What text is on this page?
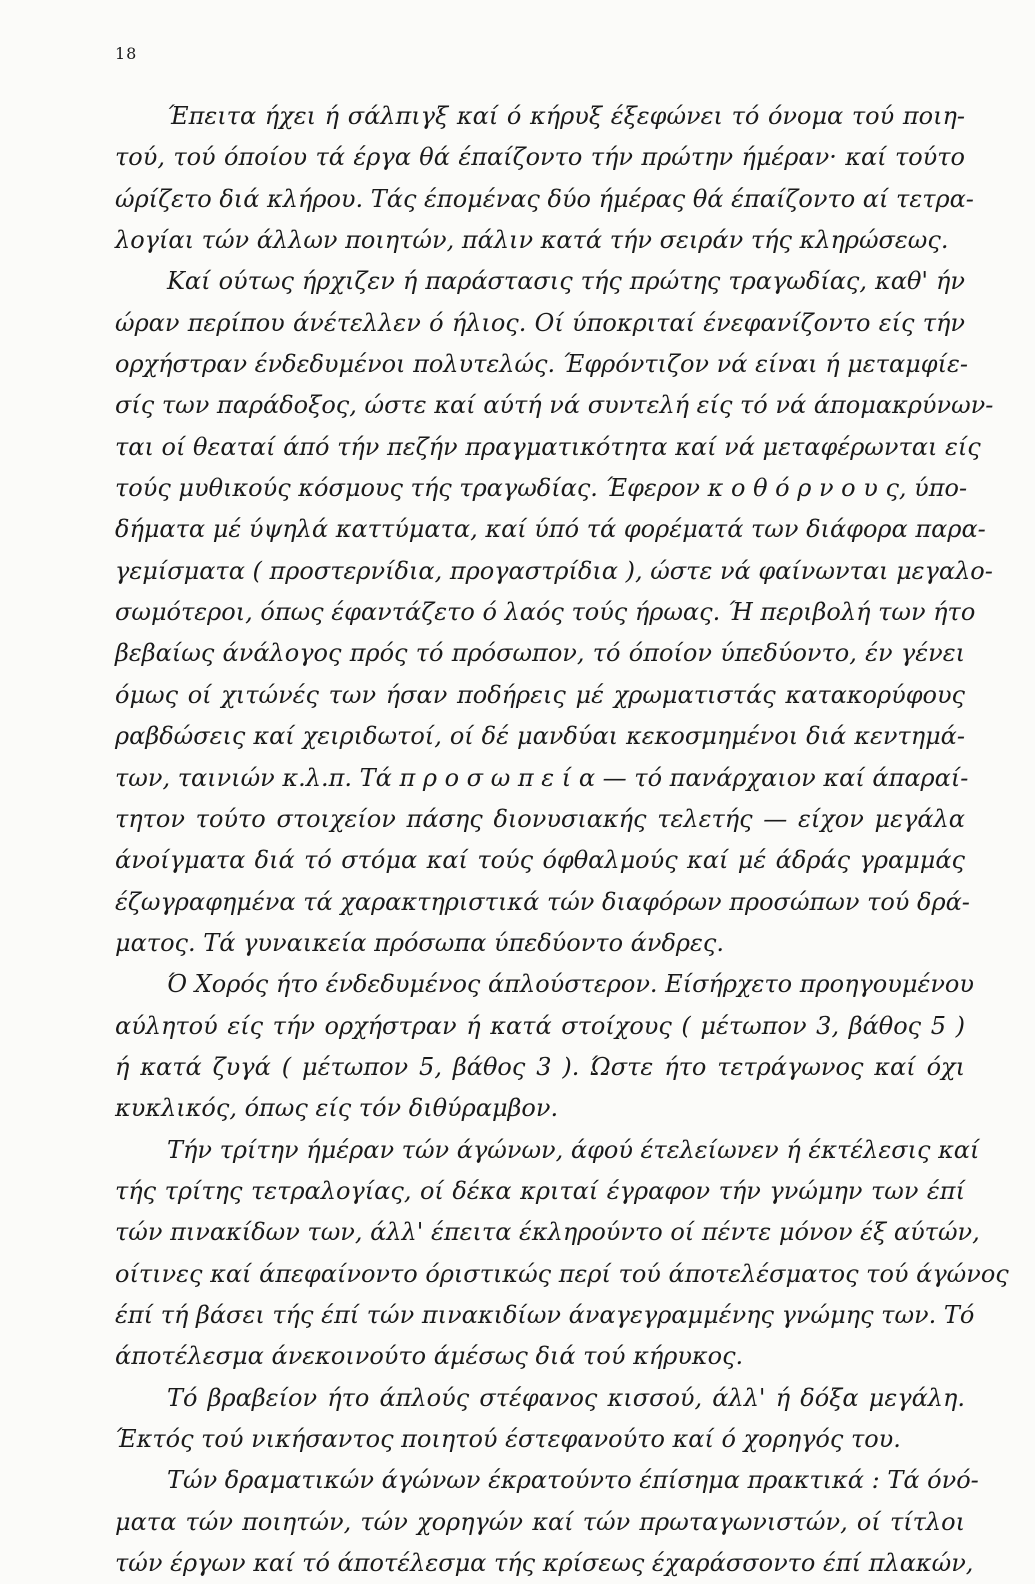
18
Έπειτα ήχει ή σάλπιγξ καί ό κήρυξ έξεφώνει τό όνομα τού ποιη-
τού, τού όποίου τά έργα θά έπαίζοντο τήν πρώτην ήμέραν· καί τούτο
ώρίζετο διά κλήρου. Τάς έπομένας δύο ήμέρας θά έπαίζοντο αί τετρα-
λογίαι τών άλλων ποιητών, πάλιν κατά τήν σειράν τής κληρώσεως.
Καί ούτως ήρχιζεν ή παράστασις τής πρώτης τραγωδίας, καθ' ήν
ώραν περίπου άνέτελλεν ό ήλιος. Οί ύποκριταί ένεφανίζοντο είς τήν
ορχήστραν ένδεδυμένοι πολυτελώς. Έφρόντιζον νά είναι ή μεταμφίε-
σίς των παράδοξος, ώστε καί αύτή νά συντελή είς τό νά άπομακρύνων-
ται οί θεαταί άπό τήν πεζήν πραγματικότητα καί νά μεταφέρωνται είς
τούς μυθικούς κόσμους τής τραγωδίας. Έφερον κ ο θ ό ρ ν ο υ ς, ύπο-
δήματα μέ ύψηλά καττύματα, καί ύπό τά φορέματά των διάφορα παρα-
γεμίσματα ( προστερνίδια, προγαστρίδια ), ώστε νά φαίνωνται μεγαλο-
σωμότεροι, όπως έφαντάζετο ό λαός τούς ήρωας. Ή περιβολή των ήτο
βεβαίως άνάλογος πρός τό πρόσωπον, τό όποίον ύπεδύοντο, έν γένει
όμως οί χιτώνές των ήσαν ποδήρεις μέ χρωματιστάς κατακορύφους
ραβδώσεις καί χειριδωτοί, οί δέ μανδύαι κεκοσμημένοι διά κεντημά-
των, ταινιών κ.λ.π. Τά π ρ ο σ ω π ε ί α — τό πανάρχαιον καί άπαραί-
τητον τούτο στοιχείον πάσης διονυσιακής τελετής — είχον μεγάλα
άνοίγματα διά τό στόμα καί τούς όφθαλμούς καί μέ άδράς γραμμάς
έζωγραφημένα τά χαρακτηριστικά τών διαφόρων προσώπων τού δρά-
ματος. Τά γυναικεία πρόσωπα ύπεδύοντο άνδρες.
Ό Χορός ήτο ένδεδυμένος άπλούστερον. Είσήρχετο προηγουμένου
αύλητού είς τήν ορχήστραν ή κατά στοίχους ( μέτωπον 3, βάθος 5 )
ή κατά ζυγά ( μέτωπον 5, βάθος 3 ). Ώστε ήτο τετράγωνος καί όχι
κυκλικός, όπως είς τόν διθύραμβον.
Τήν τρίτην ήμέραν τών άγώνων, άφού έτελείωνεν ή έκτέλεσις καί
τής τρίτης τετραλογίας, οί δέκα κριταί έγραφον τήν γνώμην των έπί
τών πινακίδων των, άλλ' έπειτα έκληρούντο οί πέντε μόνον έξ αύτών,
οίτινες καί άπεφαίνοντο όριστικώς περί τού άποτελέσματος τού άγώνος
έπί τή βάσει τής έπί τών πινακιδίων άναγεγραμμένης γνώμης των. Τό
άποτέλεσμα άνεκοινούτο άμέσως διά τού κήρυκος.
Τό βραβείον ήτο άπλούς στέφανος κισσού, άλλ' ή δόξα μεγάλη.
Έκτός τού νικήσαντος ποιητού έστεφανούτο καί ό χορηγός του.
Τών δραματικών άγώνων έκρατούντο έπίσημα πρακτικά : Τά όνό-
ματα τών ποιητών, τών χορηγών καί τών πρωταγωνιστών, οί τίτλοι
τών έργων καί τό άποτέλεσμα τής κρίσεως έχαράσσοντο έπί πλακών,
